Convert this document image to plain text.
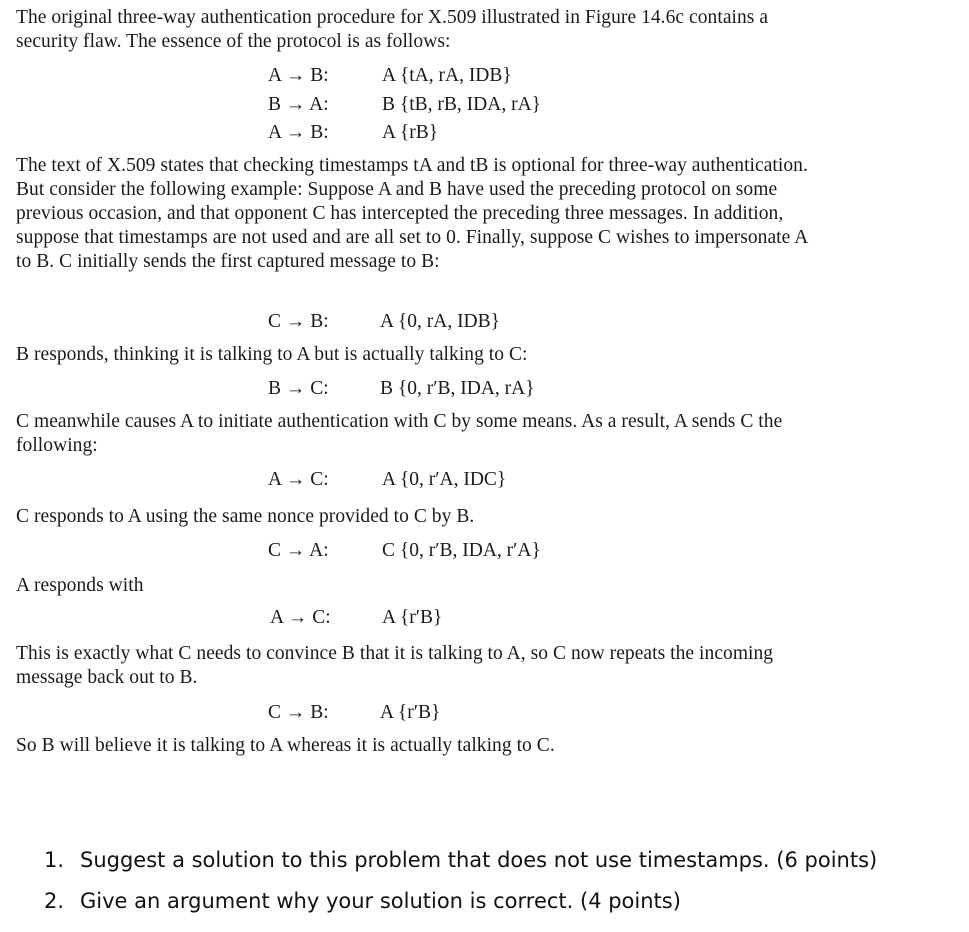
The original three-way authentication procedure for X.509 illustrated in Figure 14.6c contains a security flaw. The essence of the protocol is as follows:

A → B:	A {tA, rA, IDB}
B → A:	B {tB, rB, IDA, rA}
A → B:	A {rB}

The text of X.509 states that checking timestamps tA and tB is optional for three-way authentication. But consider the following example: Suppose A and B have used the preceding protocol on some previous occasion, and that opponent C has intercepted the preceding three messages. In addition, suppose that timestamps are not used and are all set to 0. Finally, suppose C wishes to impersonate A to B. C initially sends the first captured message to B:

C → B:	A {0, rA, IDB}

B responds, thinking it is talking to A but is actually talking to C:

B → C:	B {0, r′B, IDA, rA}

C meanwhile causes A to initiate authentication with C by some means. As a result, A sends C the following:

A → C:	A {0, r′A, IDC}

C responds to A using the same nonce provided to C by B.

C → A:	C {0, r′B, IDA, r′A}

A responds with

A → C:	A {r′B}

This is exactly what C needs to convince B that it is talking to A, so C now repeats the incoming message back out to B.

C → B:	A {r′B}

So B will believe it is talking to A whereas it is actually talking to C.

1. Suggest a solution to this problem that does not use timestamps. (6 points)
2. Give an argument why your solution is correct. (4 points)
